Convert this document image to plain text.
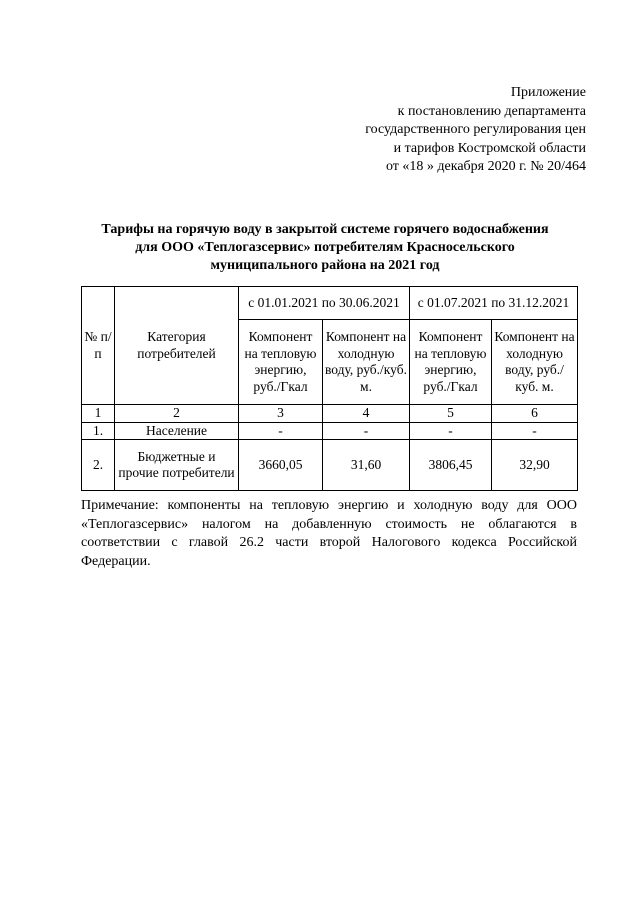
Приложение
к постановлению департамента
государственного регулирования цен
и тарифов Костромской области
от «18 » декабря 2020 г. № 20/464
Тарифы на горячую воду в закрытой системе горячего водоснабжения
для ООО «Теплогазсервис» потребителям Красносельского
муниципального района на 2021 год
№ п/п	Категория потребителей	с 01.01.2021 по 30.06.2021		с 01.07.2021 по 31.12.2021	
		Компонент на тепловую энергию, руб./Гкал	Компонент на холодную воду, руб./куб. м.	Компонент на тепловую энергию, руб./Гкал	Компонент на холодную воду, руб./куб. м.
1	2	3	4	5	6
1.	Население	-	-	-	-
2.	Бюджетные и прочие потребители	3660,05	31,60	3806,45	32,90
Примечание: компоненты на тепловую энергию и холодную воду для ООО «Теплогазсервис» налогом на добавленную стоимость не облагаются в соответствии с главой 26.2 части второй Налогового кодекса Российской Федерации.
